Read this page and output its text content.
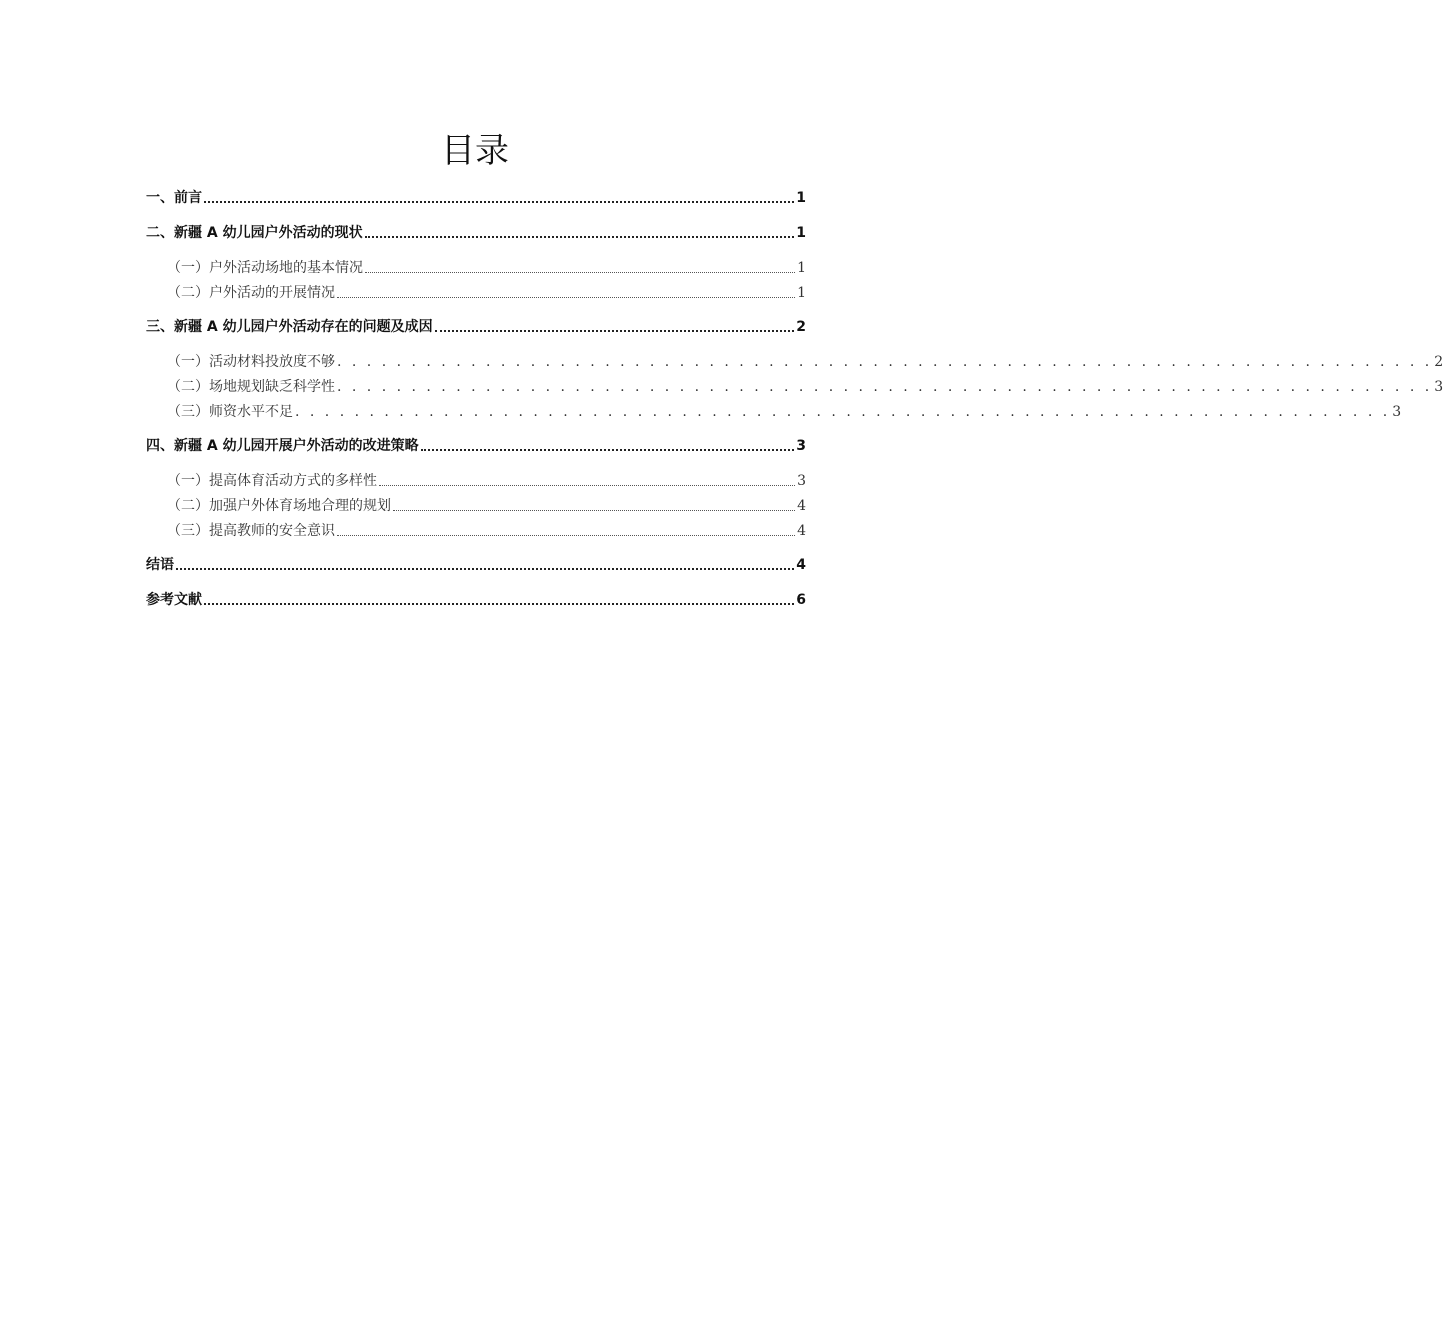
目录
一、前言	1
二、新疆 A 幼儿园户外活动的现状	1
（一）户外活动场地的基本情况	1
（二）户外活动的开展情况	1
三、新疆 A 幼儿园户外活动存在的问题及成因	2
（一）活动材料投放度不够 . . . . . . . . . . . . . . . . . . . . . . . . . . . . . . . . . . . . . . . . . . . . . . . . . . . . . . . . . . . . . . . . . . . . . . . . . . 2
（二）场地规划缺乏科学性 . . . . . . . . . . . . . . . . . . . . . . . . . . . . . . . . . . . . . . . . . . . . . . . . . . . . . . . . . . . . . . . . . . . . . . . . . . 3
（三）师资水平不足 . . . . . . . . . . . . . . . . . . . . . . . . . . . . . . . . . . . . . . . . . . . . . . . . . . . . . . . . . . . . . . . . . . . . . . . . . . 3
四、新疆 A 幼儿园开展户外活动的改进策略	3
（一）提高体育活动方式的多样性	3
（二）加强户外体育场地合理的规划	4
（三）提高教师的安全意识	4
结语	4
参考文献	6
